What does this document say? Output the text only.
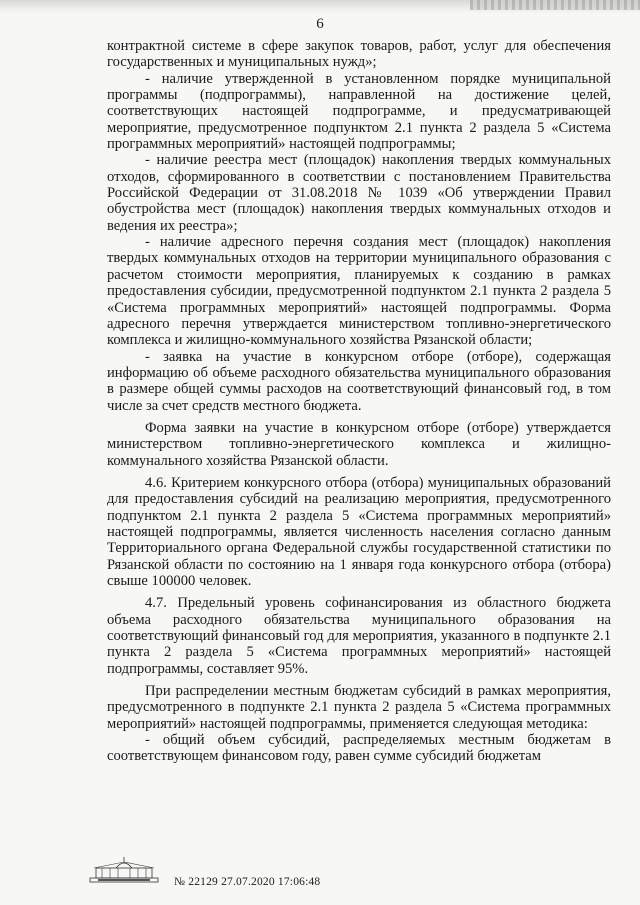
6

контрактной системе в сфере закупок товаров, работ, услуг для обеспечения государственных и муниципальных нужд»;

- наличие утвержденной в установленном порядке муниципальной программы (подпрограммы), направленной на достижение целей, соответствующих настоящей подпрограмме, и предусматривающей мероприятие, предусмотренное подпунктом 2.1 пункта 2 раздела 5 «Система программных мероприятий» настоящей подпрограммы;

- наличие реестра мест (площадок) накопления твердых коммунальных отходов, сформированного в соответствии с постановлением Правительства Российской Федерации от 31.08.2018 № 1039 «Об утверждении Правил обустройства мест (площадок) накопления твердых коммунальных отходов и ведения их реестра»;

- наличие адресного перечня создания мест (площадок) накопления твердых коммунальных отходов на территории муниципального образования с расчетом стоимости мероприятия, планируемых к созданию в рамках предоставления субсидии, предусмотренной подпунктом 2.1 пункта 2 раздела 5 «Система программных мероприятий» настоящей подпрограммы. Форма адресного перечня утверждается министерством топливно-энергетического комплекса и жилищно-коммунального хозяйства Рязанской области;

- заявка на участие в конкурсном отборе (отборе), содержащая информацию об объеме расходного обязательства муниципального образования в размере общей суммы расходов на соответствующий финансовый год, в том числе за счет средств местного бюджета.

Форма заявки на участие в конкурсном отборе (отборе) утверждается министерством топливно-энергетического комплекса и жилищно-коммунального хозяйства Рязанской области.

4.6. Критерием конкурсного отбора (отбора) муниципальных образований для предоставления субсидий на реализацию мероприятия, предусмотренного подпунктом 2.1 пункта 2 раздела 5 «Система программных мероприятий» настоящей подпрограммы, является численность населения согласно данным Территориального органа Федеральной службы государственной статистики по Рязанской области по состоянию на 1 января года конкурсного отбора (отбора) свыше 100000 человек.

4.7. Предельный уровень софинансирования из областного бюджета объема расходного обязательства муниципального образования на соответствующий финансовый год для мероприятия, указанного в подпункте 2.1 пункта 2 раздела 5 «Система программных мероприятий» настоящей подпрограммы, составляет 95%.

При распределении местным бюджетам субсидий в рамках мероприятия, предусмотренного в подпункте 2.1 пункта 2 раздела 5 «Система программных мероприятий» настоящей подпрограммы, применяется следующая методика:

- общий объем субсидий, распределяемых местным бюджетам в соответствующем финансовом году, равен сумме субсидий бюджетам

№ 22129 27.07.2020 17:06:48
